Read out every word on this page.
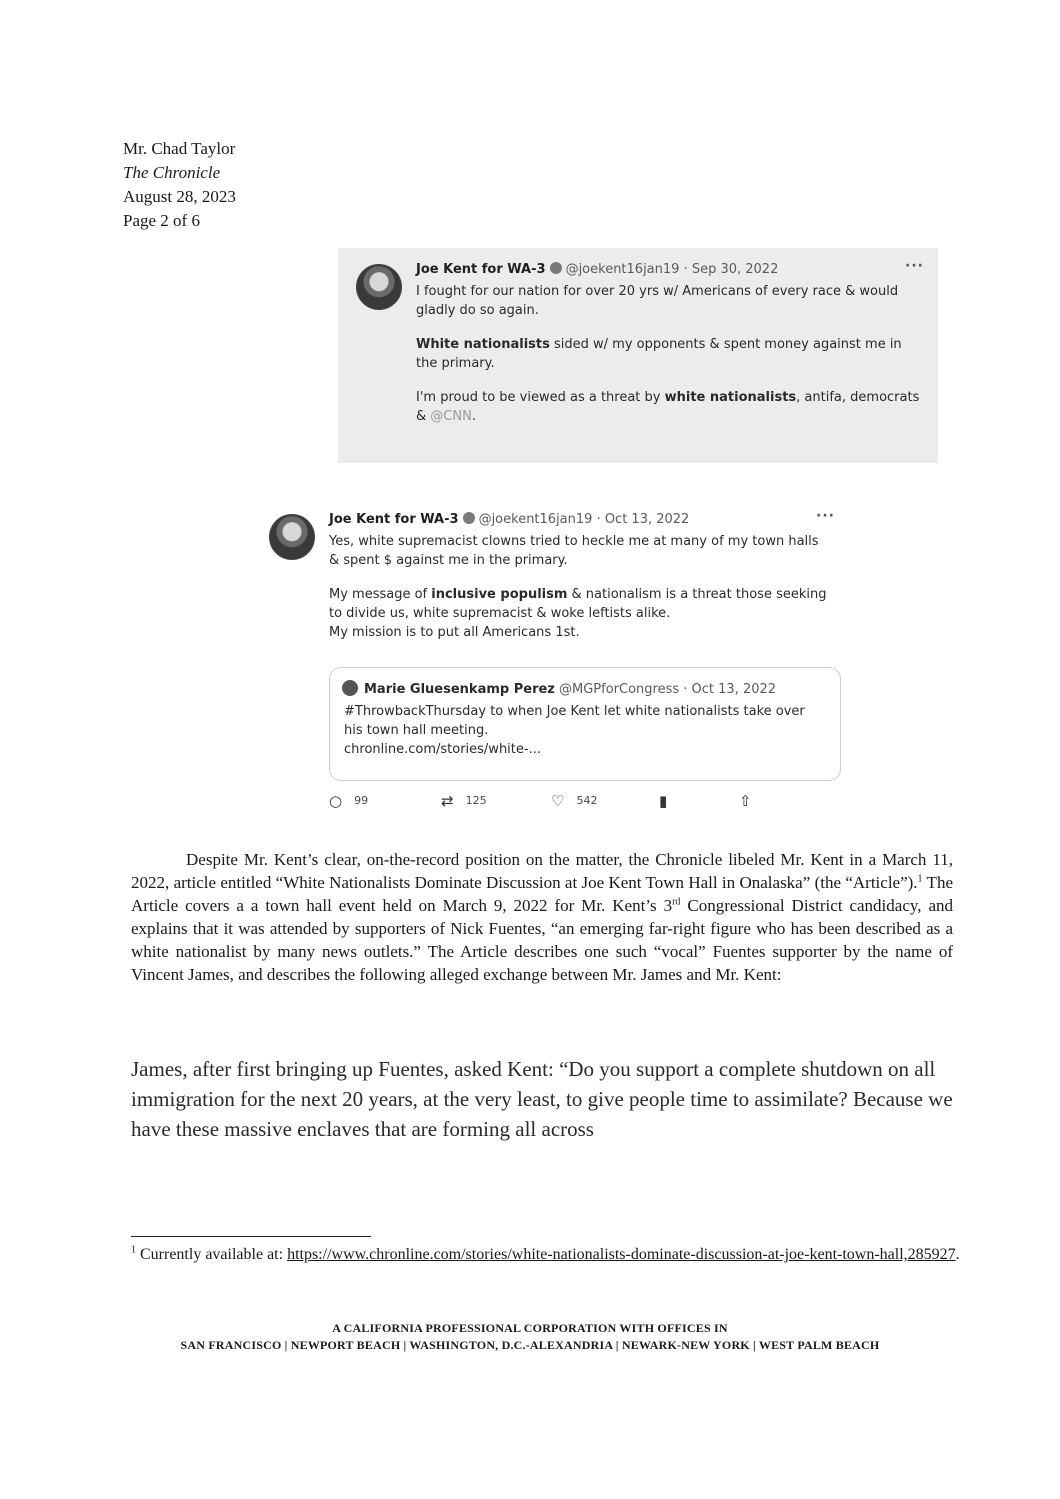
Mr. Chad Taylor
The Chronicle
August 28, 2023
Page 2 of 6
Joe Kent for WA-3 @joekent16jan19 · Sep 30, 2022	···

I fought for our nation for over 20 yrs w/ Americans of every race & would gladly do so again.

White nationalists sided w/ my opponents & spent money against me in the primary.

I'm proud to be viewed as a threat by white nationalists, antifa, democrats & @CNN.

Joe Kent for WA-3 @joekent16jan19 · Oct 13, 2022	···

Yes, white supremacist clowns tried to heckle me at many of my town halls & spent $ against me in the primary.

My message of inclusive populism & nationalism is a threat those seeking to divide us, white supremacist & woke leftists alike.
My mission is to put all Americans 1st.

Marie Gluesenkamp Perez @MGPforCongress · Oct 13, 2022
#ThrowbackThursday to when Joe Kent let white nationalists take over his town hall meeting.
chronline.com/stories/white-...
○ 99	⇄ 125	♡ 542	▮	⇧

Despite Mr. Kent’s clear, on-the-record position on the matter, the Chronicle libeled Mr. Kent in a March 11, 2022, article entitled “White Nationalists Dominate Discussion at Joe Kent Town Hall in Onalaska” (the “Article”).$^1$ The Article covers a a town hall event held on March 9, 2022 for Mr. Kent’s 3rd Congressional District candidacy, and explains that it was attended by supporters of Nick Fuentes, “an emerging far-right figure who has been described as a white nationalist by many news outlets.” The Article describes one such “vocal” Fuentes supporter by the name of Vincent James, and describes the following alleged exchange between Mr. James and Mr. Kent:

James, after first bringing up Fuentes, asked Kent: “Do you support a complete shutdown on all immigration for the next 20 years, at the very least, to give people time to assimilate? Because we have these massive enclaves that are forming all across
$^1$ Currently available at: https://www.chronline.com/stories/white-nationalists-dominate-discussion-at-joe-kent-town-hall,285927.
A CALIFORNIA PROFESSIONAL CORPORATION WITH OFFICES IN
SAN FRANCISCO | NEWPORT BEACH | WASHINGTON, D.C.-ALEXANDRIA | NEWARK-NEW YORK | WEST PALM BEACH
